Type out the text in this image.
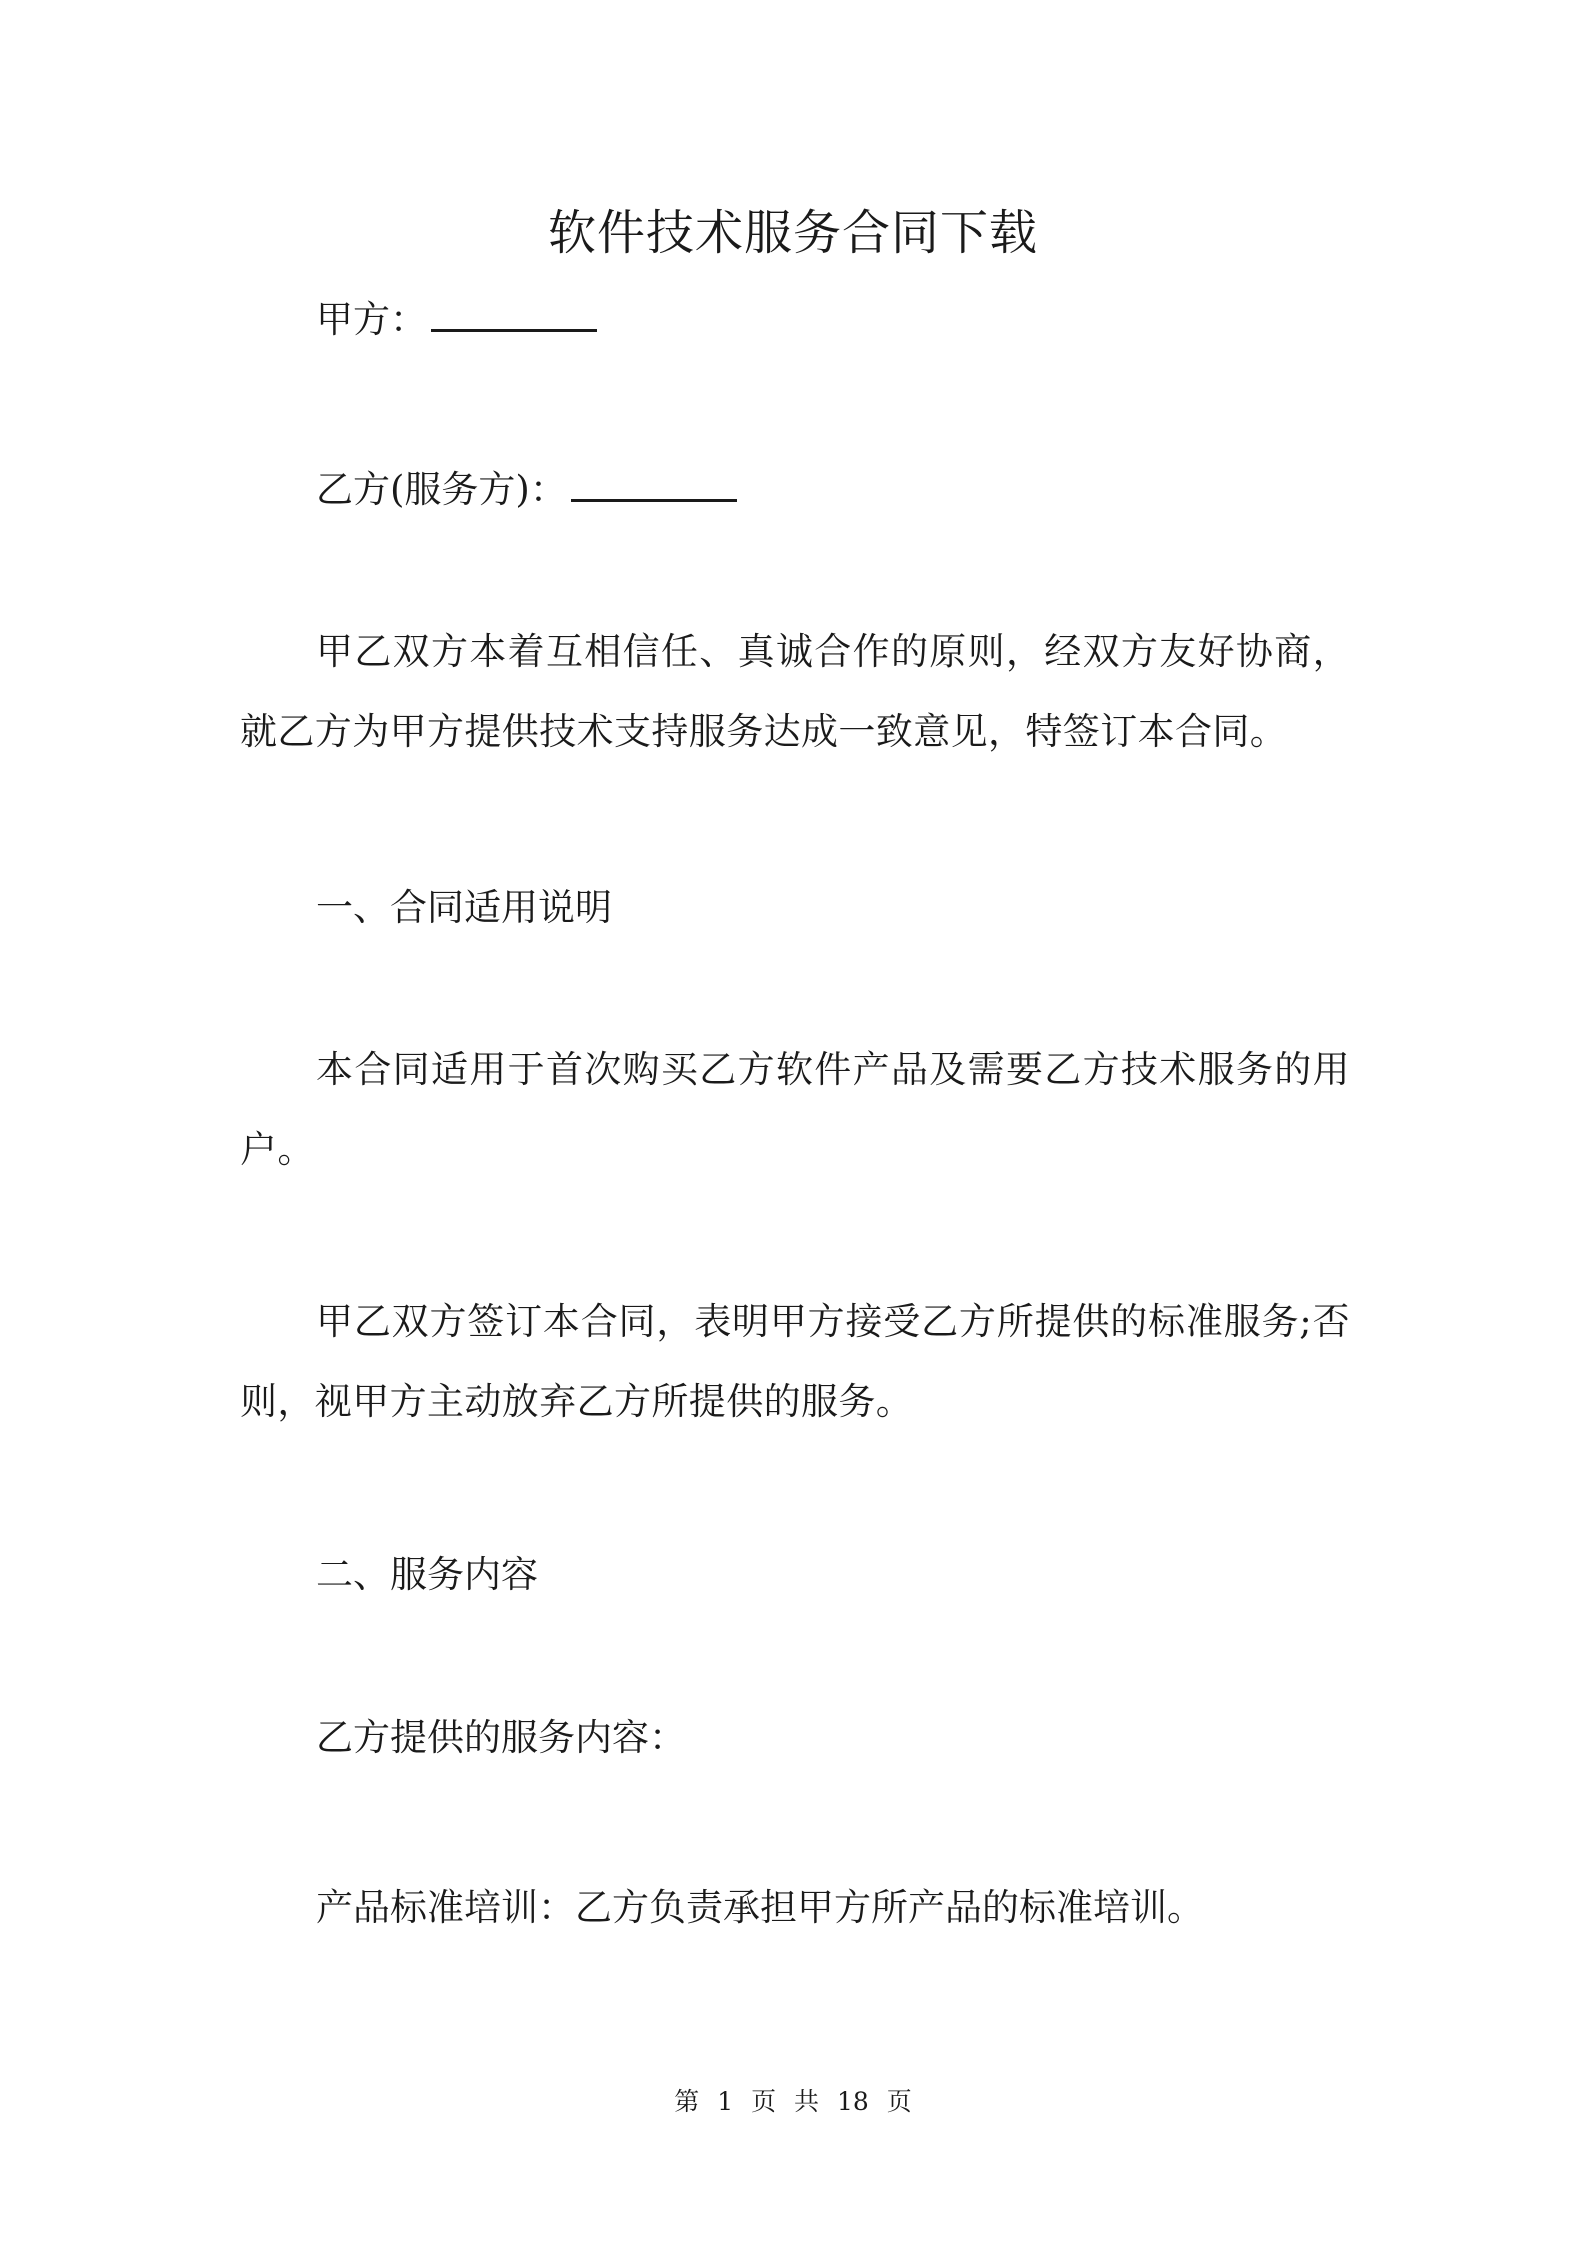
软件技术服务合同下载
甲方：
乙方(服务方)：
甲乙双方本着互相信任、真诚合作的原则，经双方友好协商，就乙方为甲方提供技术支持服务达成一致意见，特签订本合同。
一、合同适用说明
本合同适用于首次购买乙方软件产品及需要乙方技术服务的用户。
甲乙双方签订本合同，表明甲方接受乙方所提供的标准服务;否则，视甲方主动放弃乙方所提供的服务。
二、服务内容
乙方提供的服务内容：
产品标准培训：乙方负责承担甲方所产品的标准培训。
第 1 页 共 18 页
